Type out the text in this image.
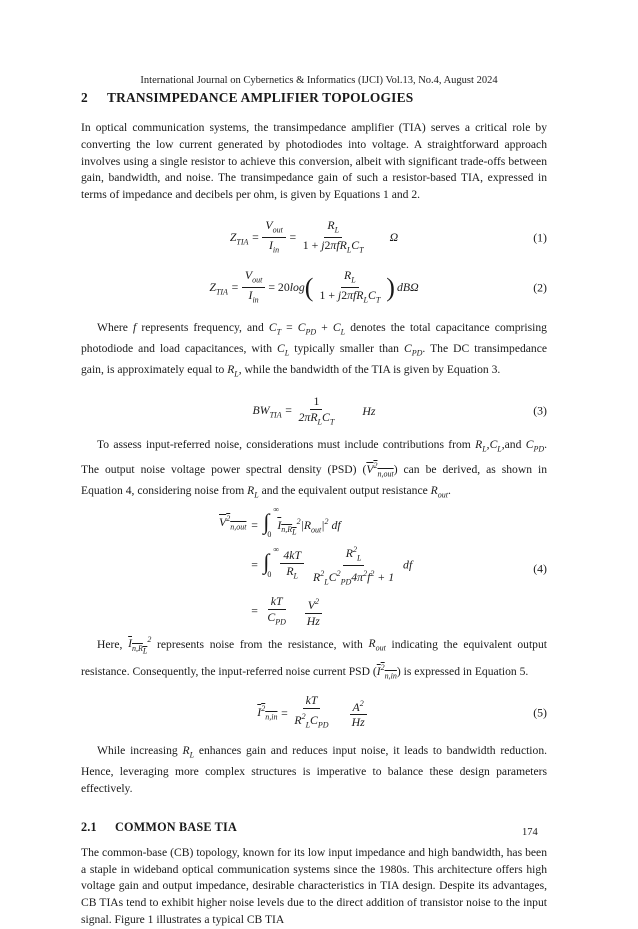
International Journal on Cybernetics & Informatics (IJCI) Vol.13, No.4, August 2024
2 TRANSIMPEDANCE AMPLIFIER TOPOLOGIES

In optical communication systems, the transimpedance amplifier (TIA) serves a critical role by converting the low current generated by photodiodes into voltage. A straightforward approach involves using a single resistor to achieve this conversion, albeit with significant trade-offs between gain, bandwidth, and noise. The transimpedance gain of such a resistor-based TIA, expressed in terms of impedance and decibels per ohm, is given by Equations 1 and 2.

$Z_{TIA} = \frac{V_{out}}{I_{in}} = \frac{R_L}{1 + j2\pi fR_LC_T}$ Ω	(1)
$Z_{TIA} = \frac{V_{out}}{I_{in}} = 20$ log ( $\frac{R_L}{1 + j2\pi fR_LC_T}$ ) dB Ω	(2)

Where f represents frequency, and $C_T = C_{PD} + C_L$ denotes the total capacitance comprising photodiode and load capacitances, with $C_L$ typically smaller than $C_{PD}$. The DC transimpedance gain, is approximately equal to $R_L$, while the bandwidth of the TIA is given by Equation 3.

$BW_{TIA} = \frac{1}{2\pi R_LC_T}$ Hz	(3)

To assess input-referred noise, considerations must include contributions from $R_L,C_L,and$ $C_{PD}$. The output noise voltage power spectral density (PSD) $(V^2_{n,out})$ can be derived, as shown in Equation 4, considering noise from $R_L$ and the equivalent output resistance $R_{out}$.

$V^2_{n,out}$ = ∫ ∞
0
$I_{n,R_L}^2|R_{out}|^2$ df
= ∫ ∞
0
$\frac{4kT}{R_L} \frac{R^2_L}{R^2_LC^2_{PD}4\pi^2f^2 + 1}$ df
= $\frac{kT}{C_{PD}}$
$\frac{V^2}{Hz}$
(4)

Here, $I_{n,R_L}^2$ represents noise from the resistance, with $R_{out}$ indicating the equivalent output resistance. Consequently, the input-referred noise current PSD $(I^2_{n,in})$ is expressed in Equation 5.

$I^2_{n,in} = \frac{kT}{R^2_LC_{PD}} \frac{A^2}{Hz}$	(5)

While increasing $R_L$ enhances gain and reduces input noise, it leads to bandwidth reduction. Hence, leveraging more complex structures is imperative to balance these design parameters effectively.

2.1 COMMON BASE TIA

The common-base (CB) topology, known for its low input impedance and high bandwidth, has been a staple in wideband optical communication systems since the 1980s. This architecture offers high voltage gain and output impedance, desirable characteristics in TIA design. Despite its advantages, CB TIAs tend to exhibit higher noise levels due to the direct addition of transistor noise to the input signal. Figure 1 illustrates a typical CB TIA

174
